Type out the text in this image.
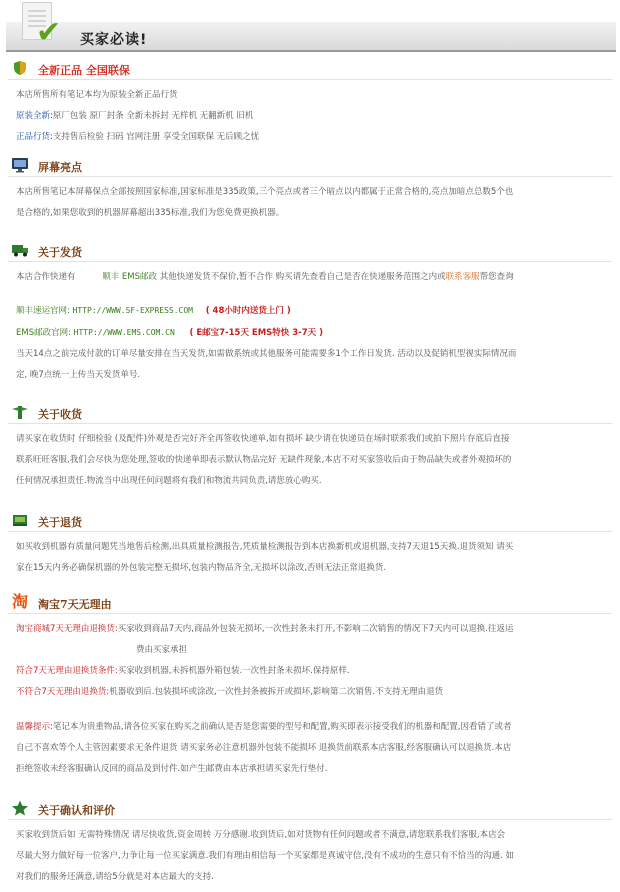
✔ 买家必读!
全新正品 全国联保
本店所售所有笔记本均为原装全新正品行货
原装全新:原厂包装 原厂封条 全新未拆封 无样机 无翻新机 旧机
正品行货:支持售后检验 扫码 官网注册 享受全国联保 无后顾之忧
屏幕亮点
本店所售笔记本屏幕保点全部按照国家标准,国家标准是335政策,三个亮点或者三个暗点以内都属于正常合格的,亮点加暗点总数5个也
是合格的,如果您收到的机器屏幕超出335标准,我们为您免费更换机器。
关于发货
本店合作快递有	顺丰 EMS邮政 其他快递发货不保价,暂不合作 购买请先查看自己是否在快递服务范围之内或联系客服帮您查询
顺丰速运官网: HTTP://WWW.SF-EXPRESS.COM ( 48小时内送货上门 )
EMS邮政官网: HTTP://WWW.EMS.COM.CN ( E邮宝7-15天 EMS特快 3-7天 )
当天14点之前完成付款的订单尽量安排在当天发货,如需做系统或其他服务可能需要多1个工作日发货. 活动以及促销机型视实际情况而
定, 晚7点统一上传当天发货单号.
关于收货
请买家在收货时 仔细检验 (及配件)外观是否完好齐全再签收快递单,如有损坏 缺少请在快递员在场时联系我们或拍下照片存底后直接
联系旺旺客服,我们会尽快为您处理,签收的快递单即表示默认物品完好 无缺件现象,本店不对买家签收后由于物品缺失或者外观损坏的
任何情况承担责任.物流当中出现任何问题将有我们和物流共同负责,请您放心购买.
关于退货
如买收到机器有质量问题凭当地售后检测,出具质量检测报告,凭质量检测报告到本店换新机或退机器,支持7天退15天换.退货须知 请买
家在15天内务必确保机器的外包装完整无损坏,包装内物品齐全,无损坏以涂改,否则无法正常退换货.
淘 淘宝7天无理由
淘宝商城7天无理由退换货:买家收到商品7天内,商品外包装无损坏,一次性封条未打开,不影响二次销售的情况下7天内可以退换.往返运
费由买家承担
符合7天无理由退换货条件:买家收到机器,未拆机器外箱包装.一次性封条未损坏.保持原样.
不符合7天无理由退换货:机器收到后.包装损坏或涂改,一次性封条被拆开或损坏,影响第二次销售.不支持无理由退货
温馨提示:笔记本为贵重物品,请各位买家在购买之前确认是否是您需要的型号和配置,购买即表示接受我们的机器和配置,因看错了或者
自己不喜欢等个人主管因素要求无条件退货 请买家务必注意机器外包装不能损坏 退换货前联系本店客服,经客服确认可以退换货.本店
拒绝签收未经客服确认反回的商品及到付件.如产生邮费由本店承担请买家先行垫付.
关于确认和评价
买家收到货后如 无需特殊情况 请尽快收货,资金周转 万分感谢.收到货后,如对货物有任何问题或者不满意,请您联系我们客服,本店会
尽最大努力做好每一位客户,力争让每一位买家满意.我们有理由相信每一个买家都是真诚守信,没有不成功的生意只有不恰当的沟通. 如
对我们的服务还满意,请给5分就是对本店最大的支持.
